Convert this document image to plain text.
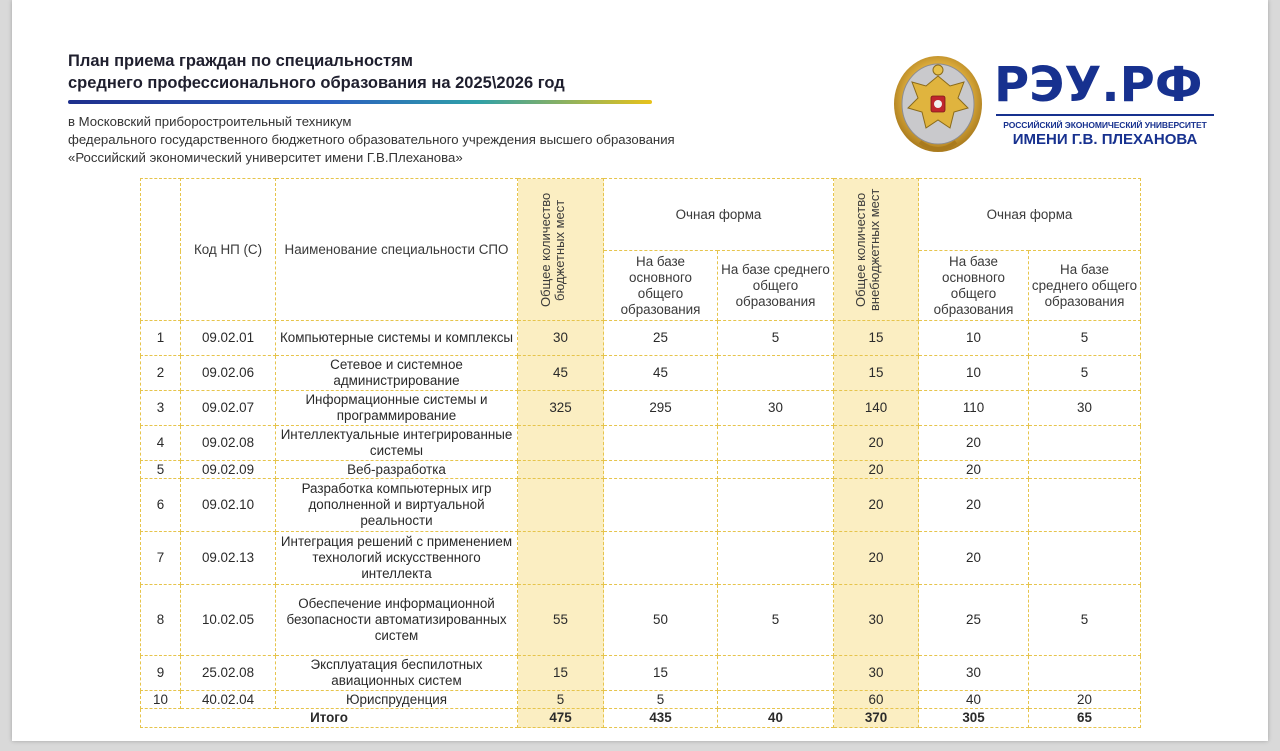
План приема граждан по специальностям
среднего профессионального образования на 2025\2026 год
в Московский приборостроительный техникум
федерального государственного бюджетного образовательного учреждения высшего образования
«Российский экономический университет имени Г.В.Плеханова»
РЭУ.РФ
РОССИЙСКИЙ ЭКОНОМИЧЕСКИЙ УНИВЕРСИТЕТ
ИМЕНИ Г.В. ПЛЕХАНОВА
	Код НП (С)	Наименование специальности СПО	Общее количество бюджетных мест	Очная форма		Общее количество внебюджетных мест	Очная форма	
				На базе основного общего образования	На базе среднего общего образования		На базе основного общего образования	На базе среднего общего образования
1	09.02.01	Компьютерные системы и комплексы	30	25	5	15	10	5
2	09.02.06	Сетевое и системное администрирование	45	45		15	10	5
3	09.02.07	Информационные системы и программирование	325	295	30	140	110	30
4	09.02.08	Интеллектуальные интегрированные системы				20	20	
5	09.02.09	Веб-разработка				20	20	
6	09.02.10	Разработка компьютерных игр дополненной и виртуальной реальности				20	20	
7	09.02.13	Интеграция решений с применением технологий искусственного интеллекта				20	20	
8	10.02.05	Обеспечение информационной безопасности автоматизированных систем	55	50	5	30	25	5
9	25.02.08	Эксплуатация беспилотных авиационных систем	15	15		30	30	
10	40.02.04	Юриспруденция	5	5		60	40	20
Итого			475	435	40	370	305	65
